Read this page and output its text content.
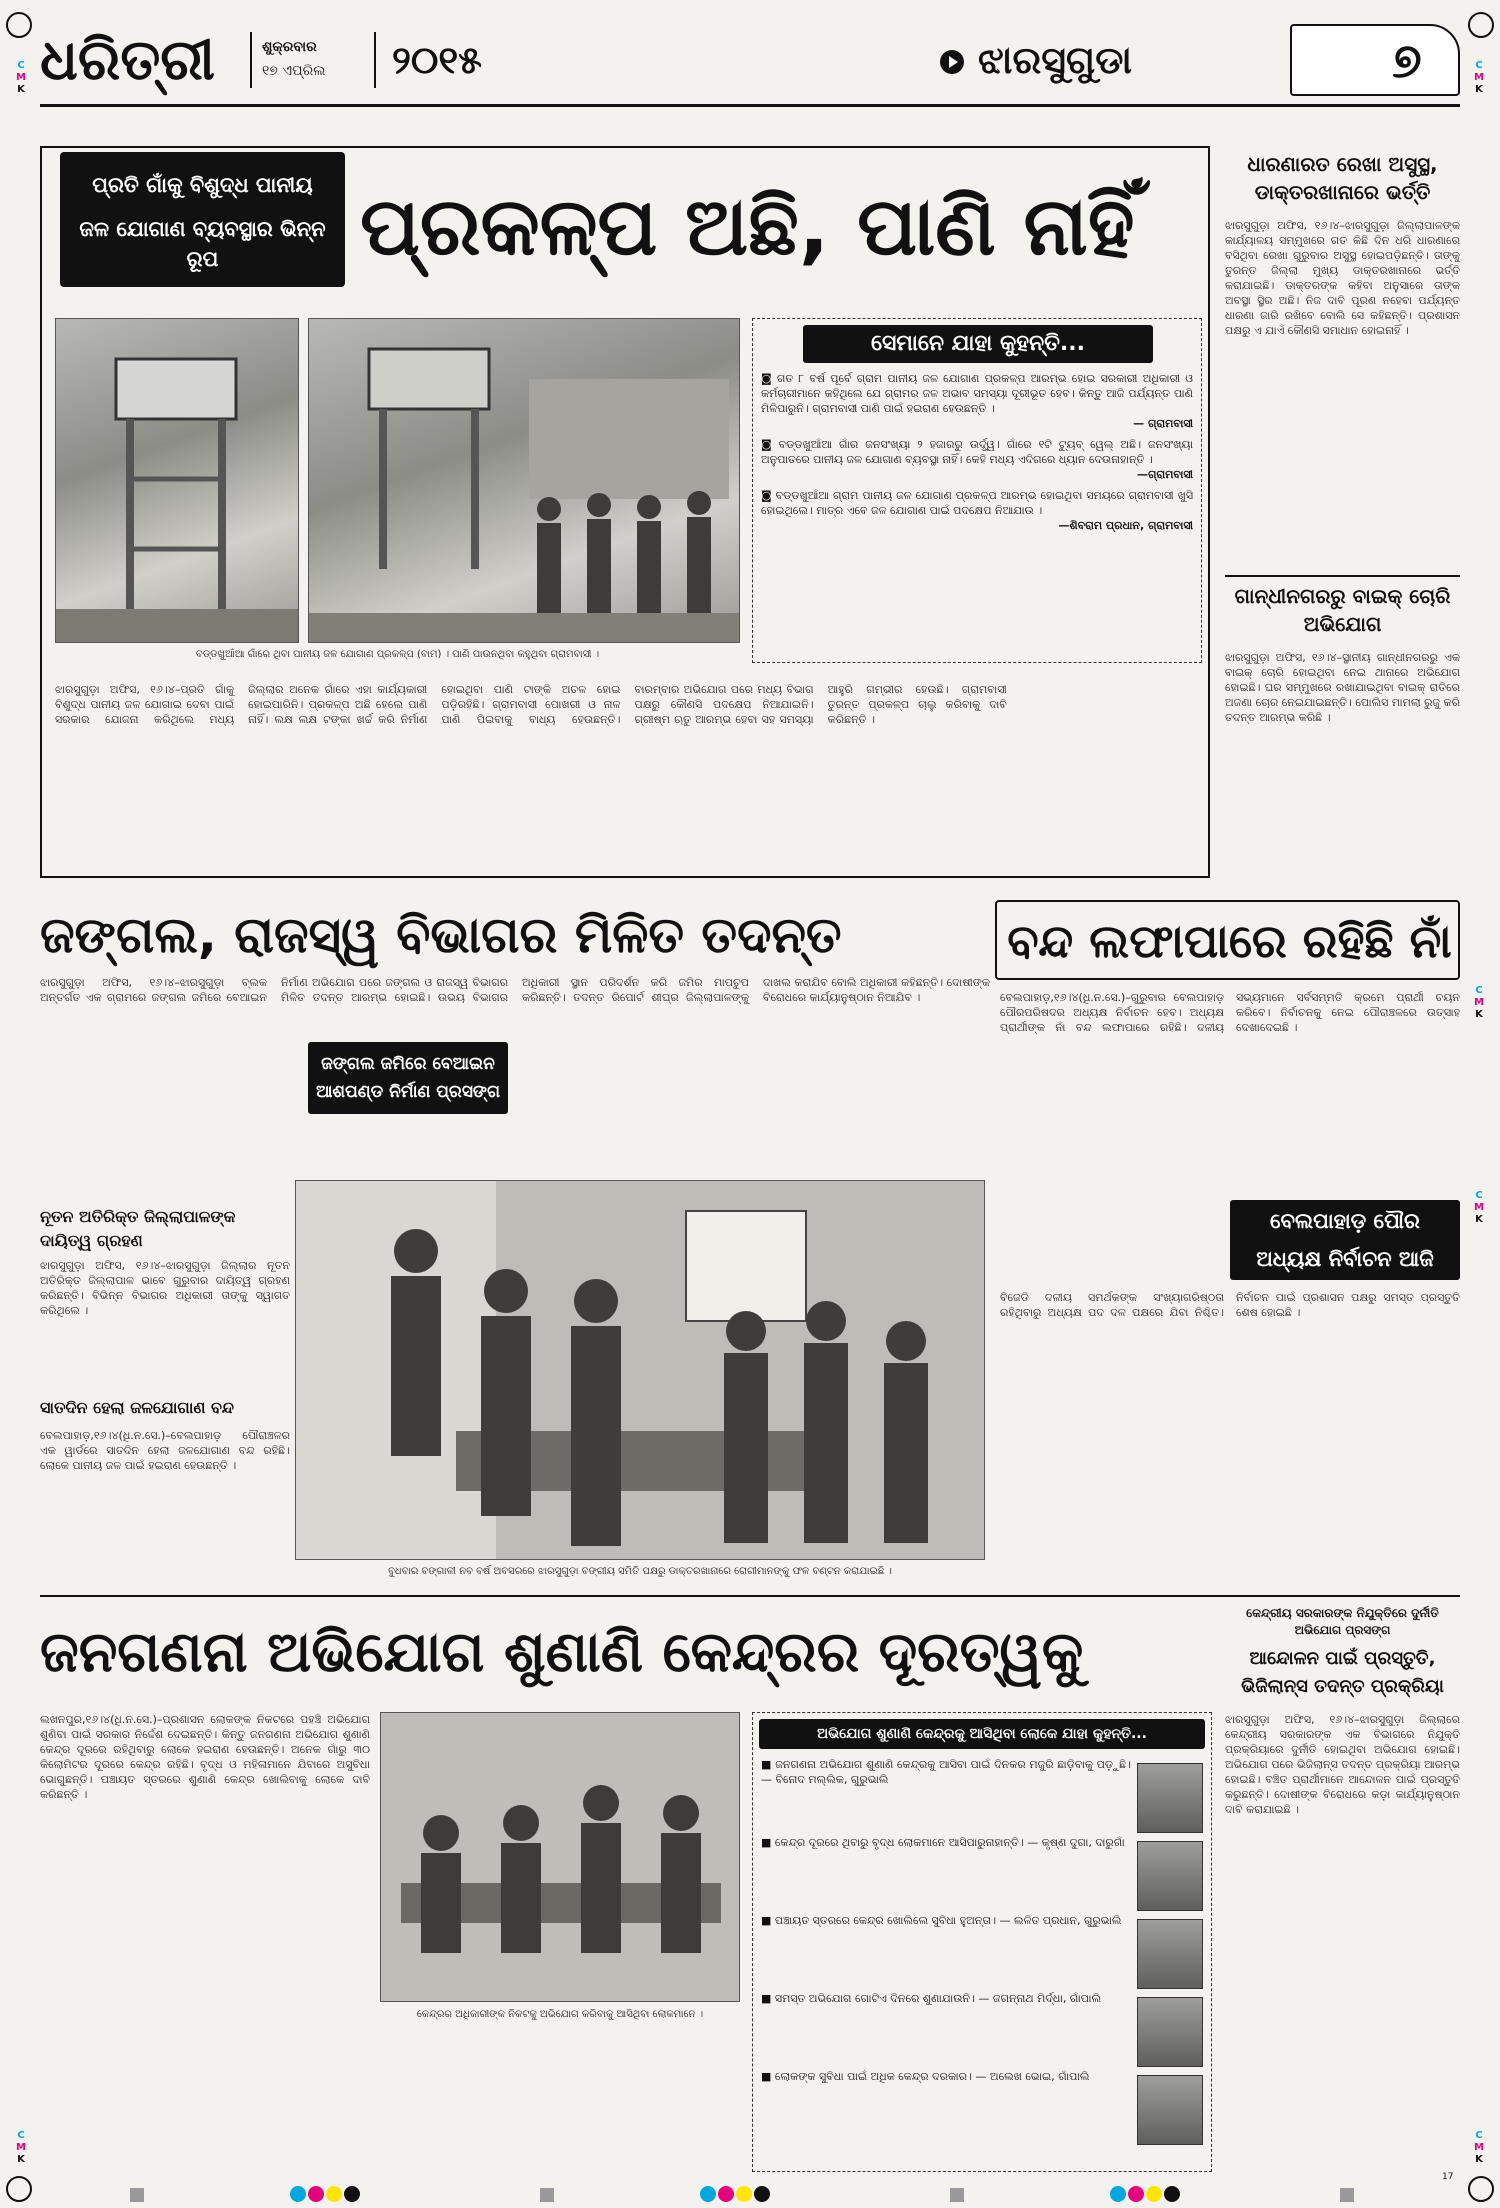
ଧରିତ୍ରୀ	ଶୁକ୍ରବାର
୧୭ ଏପ୍ରିଲ	୨୦୧୫	ଝାରସୁଗୁଡା	୭
ପ୍ରତି ଗାଁକୁ ବିଶୁଦ୍ଧ ପାନୀୟ
ଜଳ ଯୋଗାଣ ବ୍ୟବସ୍ଥାର ଭିନ୍ନ ରୂପ	ପ୍ରକଳ୍ପ ଅଛି, ପାଣି ନାହିଁ
ବଡ୍ଡଖୁଆଁଆ ଗାଁରେ ଥିବା ପାନୀୟ ଜଳ ଯୋଗାଣ ପ୍ରକଳ୍ପ (ବାମ) । ପାଣି ପାଉନଥିବା କହୁଥିବା ଗ୍ରାମବାସୀ ।
ସେମାନେ ଯାହା କୁହନ୍ତି...
◙ ଗତ ୮ ବର୍ଷ ପୂର୍ବେ ଗ୍ରାମ ପାନୀୟ ଜଳ ଯୋଗାଣ ପ୍ରକଳ୍ପ ଆରମ୍ଭ ହୋଇ ସରକାରୀ ଅଧିକାରୀ ଓ କର୍ମଚାରୀମାନେ କହିଥିଲେ ଯେ ଗ୍ରାମର ଜଳ ଅଭାବ ସମସ୍ୟା ଦୂରୀଭୂତ ହେବ। କିନ୍ତୁ ଆଜି ପର୍ଯ୍ୟନ୍ତ ପାଣି ମିଳିପାରୁନି। ଗ୍ରାମବାସୀ ପାଣି ପାଇଁ ହଇରାଣ ହେଉଛନ୍ତି ।
— ଗ୍ରାମବାସୀ
◙ ବଡ୍ଡଖୁଆଁଆ ଗାଁର ଜନସଂଖ୍ୟା ୨ ହଜାରରୁ ଉର୍ଦ୍ଧ୍ୱ। ଗାଁରେ ୧ଟି ଟ୍ୟୁବ୍ ୱେଲ୍ ଅଛି। ଜନସଂଖ୍ୟା ଅନୁପାତରେ ପାନୀୟ ଜଳ ଯୋଗାଣ ବ୍ୟବସ୍ଥା ନାହିଁ। କେହି ମଧ୍ୟ ଏଦିଗରେ ଧ୍ୟାନ ଦେଉନାହାନ୍ତି ।
—ଗ୍ରାମବାସୀ
◙ ବଡ୍ଡଖୁଆଁଆ ଗ୍ରାମ ପାନୀୟ ଜଳ ଯୋଗାଣ ପ୍ରକଳ୍ପ ଆରମ୍ଭ ହୋଇଥିବା ସମୟରେ ଗ୍ରାମବାସୀ ଖୁସି ହୋଇଥିଲେ। ମାତ୍ର ଏବେ ଜଳ ଯୋଗାଣ ପାଇଁ ପଦକ୍ଷେପ ନିଆଯାଉ ।
—ଶିବରାମ ପ୍ରଧାନ, ଗ୍ରାମବାସୀ
ଝାରସୁଗୁଡ଼ା ଅଫିସ, ୧୬।୪–ପ୍ରତି ଗାଁକୁ ବିଶୁଦ୍ଧ ପାନୀୟ ଜଳ ଯୋଗାଇ ଦେବା ପାଇଁ ସରକାର ଯୋଜନା କରିଥିଲେ ମଧ୍ୟ ଜିଲ୍ଲାର ଅନେକ ଗାଁରେ ଏହା କାର୍ଯ୍ୟକାରୀ ହୋଇପାରିନି। ପ୍ରକଳ୍ପ ଅଛି ହେଲେ ପାଣି ନାହିଁ। ଲକ୍ଷ ଲକ୍ଷ ଟଙ୍କା ଖର୍ଚ୍ଚ କରି ନିର୍ମାଣ ହୋଇଥିବା ପାଣି ଟାଙ୍କି ଅଚଳ ହୋଇ ପଡ଼ିରହିଛି। ଗ୍ରାମବାସୀ ପୋଖରୀ ଓ ନାଳ ପାଣି ପିଇବାକୁ ବାଧ୍ୟ ହେଉଛନ୍ତି। ବାରମ୍ବାର ଅଭିଯୋଗ ପରେ ମଧ୍ୟ ବିଭାଗ ପକ୍ଷରୁ କୌଣସି ପଦକ୍ଷେପ ନିଆଯାଇନି। ଗ୍ରୀଷ୍ମ ଋତୁ ଆରମ୍ଭ ହେବା ସହ ସମସ୍ୟା ଆହୁରି ଗମ୍ଭୀର ହେଉଛି। ଗ୍ରାମବାସୀ ତୁରନ୍ତ ପ୍ରକଳ୍ପ ଚାଲୁ କରିବାକୁ ଦାବି କରିଛନ୍ତି ।
ଧାରଣାରତ ରେଖା ଅସୁସ୍ଥ, ଡାକ୍ତରଖାନାରେ ଭର୍ତ୍ତି
ଝାରସୁଗୁଡ଼ା ଅଫିସ, ୧୬।୪–ଝାରସୁଗୁଡ଼ା ଜିଲ୍ଲାପାଳଙ୍କ କାର୍ଯ୍ୟାଳୟ ସମ୍ମୁଖରେ ଗତ କିଛି ଦିନ ଧରି ଧାରଣାରେ ବସିଥିବା ରେଖା ଗୁରୁବାର ଅସୁସ୍ଥ ହୋଇପଡ଼ିଛନ୍ତି। ତାଙ୍କୁ ତୁରନ୍ତ ଜିଲ୍ଲା ମୁଖ୍ୟ ଡାକ୍ତରଖାନାରେ ଭର୍ତ୍ତି କରାଯାଇଛି। ଡାକ୍ତରଙ୍କ କହିବା ଅନୁସାରେ ତାଙ୍କ ଅବସ୍ଥା ସ୍ଥିର ଅଛି। ନିଜ ଦାବି ପୂରଣ ନହେବା ପର୍ଯ୍ୟନ୍ତ ଧାରଣା ଜାରି ରଖିବେ ବୋଲି ସେ କହିଛନ୍ତି। ପ୍ରଶାସନ ପକ୍ଷରୁ ଏ ଯାଏଁ କୌଣସି ସମାଧାନ ହୋଇନାହିଁ ।
ଗାନ୍ଧୀନଗରରୁ ବାଇକ୍ ଚୋରି ଅଭିଯୋଗ
ଝାରସୁଗୁଡ଼ା ଅଫିସ, ୧୬।୪–ସ୍ଥାନୀୟ ଗାନ୍ଧୀନଗରରୁ ଏକ ବାଇକ୍ ଚୋରି ହୋଇଥିବା ନେଇ ଥାନାରେ ଅଭିଯୋଗ ହୋଇଛି। ଘର ସମ୍ମୁଖରେ ରଖାଯାଇଥିବା ବାଇକ୍ ରାତିରେ ଅଜଣା ଚୋର ନେଇଯାଇଛନ୍ତି। ପୋଲିସ ମାମଲା ରୁଜୁ କରି ତଦନ୍ତ ଆରମ୍ଭ କରିଛି ।
ଜଙ୍ଗଲ, ରାଜସ୍ୱ ବିଭାଗର ମିଳିତ ତଦନ୍ତ
ଝାରସୁଗୁଡ଼ା ଅଫିସ, ୧୬।୪–ଝାରସୁଗୁଡ଼ା ବ୍ଲକ ଅନ୍ତର୍ଗତ ଏକ ଗ୍ରାମରେ ଜଙ୍ଗଲ ଜମିରେ ବେଆଇନ ନିର୍ମାଣ ଅଭିଯୋଗ ପରେ ଜଙ୍ଗଲ ଓ ରାଜସ୍ୱ ବିଭାଗର ମିଳିତ ତଦନ୍ତ ଆରମ୍ଭ ହୋଇଛି। ଉଭୟ ବିଭାଗର ଅଧିକାରୀ ସ୍ଥାନ ପରିଦର୍ଶନ କରି ଜମିର ମାପଚୁପ କରିଛନ୍ତି। ତଦନ୍ତ ରିପୋର୍ଟ ଶୀଘ୍ର ଜିଲ୍ଲାପାଳଙ୍କୁ ଦାଖଲ କରାଯିବ ବୋଲି ଅଧିକାରୀ କହିଛନ୍ତି। ଦୋଷୀଙ୍କ ବିରୋଧରେ କାର୍ଯ୍ୟାନୁଷ୍ଠାନ ନିଆଯିବ ।
ଜଙ୍ଗଲ ଜମିରେ ବେଆଇନ
ଆଶପଣ୍ଡ ନିର୍ମାଣ ପ୍ରସଙ୍ଗ
ନୂତନ ଅତିରିକ୍ତ ଜିଲ୍ଲାପାଳଙ୍କ ଦାୟିତ୍ୱ ଗ୍ରହଣ
ଝାରସୁଗୁଡ଼ା ଅଫିସ, ୧୬।୪–ଝାରସୁଗୁଡ଼ା ଜିଲ୍ଲାର ନୂତନ ଅତିରିକ୍ତ ଜିଲ୍ଲାପାଳ ଭାବେ ଗୁରୁବାର ଦାୟିତ୍ୱ ଗ୍ରହଣ କରିଛନ୍ତି। ବିଭିନ୍ନ ବିଭାଗର ଅଧିକାରୀ ତାଙ୍କୁ ସ୍ୱାଗତ କରିଥିଲେ ।
ସାତଦିନ ହେଲା ଜଳଯୋଗାଣ ବନ୍ଦ
ବେଲପାହାଡ଼,୧୬।୪(ଧି.ନ.ସେ.)–ବେଲପାହାଡ଼ ପୌରାଞ୍ଚଳର ଏକ ୱାର୍ଡରେ ସାତଦିନ ହେଲା ଜଳଯୋଗାଣ ବନ୍ଦ ରହିଛି। ଲୋକେ ପାନୀୟ ଜଳ ପାଇଁ ହଇରାଣ ହେଉଛନ୍ତି ।
ବୁଧବାର ବଙ୍ଗାଳୀ ନବ ବର୍ଷ ଅବସରରେ ଝାରସୁଗୁଡ଼ା ବଙ୍ଗୀୟ ସମିତି ପକ୍ଷରୁ ଡାକ୍ତରଖାନାରେ ରୋଗୀମାନଙ୍କୁ ଫଳ ବଣ୍ଟନ କରାଯାଇଛି ।
ବନ୍ଦ ଲଫାପାରେ ରହିଛି ନାଁ
ବେଲପାହାଡ଼,୧୬।୪(ଧି.ନ.ସେ.)–ଗୁରୁବାର ବେଲପାହାଡ଼ ପୌରପରିଷଦର ଅଧ୍ୟକ୍ଷ ନିର୍ବାଚନ ହେବ। ଅଧ୍ୟକ୍ଷ ପ୍ରାର୍ଥୀଙ୍କ ନାଁ ବନ୍ଦ ଲଫାପାରେ ରହିଛି। ଦଳୀୟ ସଭ୍ୟମାନେ ସର୍ବସମ୍ମତି କ୍ରମେ ପ୍ରାର୍ଥୀ ଚୟନ କରିବେ। ନିର୍ବାଚନକୁ ନେଇ ପୌରାଞ୍ଚଳରେ ଉତ୍ସାହ ଦେଖାଦେଇଛି ।
ବେଲପାହାଡ଼ ପୌର ଅଧ୍ୟକ୍ଷ ନିର୍ବାଚନ ଆଜି
ବିଜେଡି ଦଳୀୟ ସମର୍ଥକଙ୍କ ସଂଖ୍ୟାଗରିଷ୍ଠତା ରହିଥିବାରୁ ଅଧ୍ୟକ୍ଷ ପଦ ଦଳ ପକ୍ଷରେ ଯିବା ନିଶ୍ଚିତ। ନିର୍ବାଚନ ପାଇଁ ପ୍ରଶାସନ ପକ୍ଷରୁ ସମସ୍ତ ପ୍ରସ୍ତୁତି ଶେଷ ହୋଇଛି ।
ଜନଗଣନା ଅଭିଯୋଗ ଶୁଣାଣି କେନ୍ଦ୍ରର ଦୂରତ୍ୱକୁ
ଲଖନପୁର,୧୬।୪(ଧି.ନ.ସେ.)–ପ୍ରଶାସନ ଲୋକଙ୍କ ନିକଟରେ ପହଞ୍ଚି ଅଭିଯୋଗ ଶୁଣିବା ପାଇଁ ସରକାର ନିର୍ଦ୍ଦେଶ ଦେଇଛନ୍ତି। କିନ୍ତୁ ଜନଗଣନା ଅଭିଯୋଗ ଶୁଣାଣି କେନ୍ଦ୍ର ଦୂରରେ ରହିଥିବାରୁ ଲୋକେ ହଇରାଣ ହେଉଛନ୍ତି। ଅନେକ ଗାଁରୁ ୩୦ କିଲୋମିଟର ଦୂରରେ କେନ୍ଦ୍ର ରହିଛି। ବୃଦ୍ଧ ଓ ମହିଳାମାନେ ଯିବାରେ ଅସୁବିଧା ଭୋଗୁଛନ୍ତି। ପଞ୍ଚାୟତ ସ୍ତରରେ ଶୁଣାଣି କେନ୍ଦ୍ର ଖୋଲିବାକୁ ଲୋକେ ଦାବି କରିଛନ୍ତି ।
କେନ୍ଦ୍ରର ଅଧିକାରୀଙ୍କ ନିକଟକୁ ଅଭିଯୋଗ କରିବାକୁ ଆସିଥିବା ଲୋକମାନେ ।
ଅଭିଯୋଗ ଶୁଣାଣି କେନ୍ଦ୍ରକୁ ଆସିଥିବା ଲୋକେ ଯାହା କୁହନ୍ତି...
■ ଜନଗଣନା ଅଭିଯୋଗ ଶୁଣାଣି କେନ୍ଦ୍ରକୁ ଆସିବା ପାଇଁ ଦିନକର ମଜୁରି ଛାଡ଼ିବାକୁ ପଡ଼ୁଛି। — ବିନୋଦ ମଲ୍ଲିକ, ଗୁରୁଭାଲି
■ କେନ୍ଦ୍ର ଦୂରରେ ଥିବାରୁ ବୃଦ୍ଧ ଲୋକମାନେ ଆସିପାରୁନାହାନ୍ତି। — କୃଷ୍ଣ ଦୁଗା, ଦାରୁଗାଁ
■ ପଞ୍ଚାୟତ ସ୍ତରରେ କେନ୍ଦ୍ର ଖୋଲିଲେ ସୁବିଧା ହୁଅନ୍ତା। — ଲଳିତ ପ୍ରଧାନ, ଗୁରୁଭାଲି
■ ସମସ୍ତ ଅଭିଯୋଗ ଗୋଟିଏ ଦିନରେ ଶୁଣାଯାଉନି। — ଜଗନ୍ନାଥ ମିର୍ଦ୍ଧା, ଗାଁପାଲି
■ ଲୋକଙ୍କ ସୁବିଧା ପାଇଁ ଅଧିକ କେନ୍ଦ୍ର ଦରକାର। — ଅଲେଖ ଭୋଇ, ଗାଁପାଲି
କେନ୍ଦ୍ରୀୟ ସରକାରଙ୍କ ନିଯୁକ୍ତିରେ ଦୁର୍ନୀତି ଅଭିଯୋଗ ପ୍ରସଙ୍ଗ
ଆନ୍ଦୋଳନ ପାଇଁ ପ୍ରସ୍ତୁତି, ଭିଜିଲାନ୍ସ ତଦନ୍ତ ପ୍ରକ୍ରିୟା
ଝାରସୁଗୁଡ଼ା ଅଫିସ, ୧୬।୪–ଝାରସୁଗୁଡ଼ା ଜିଲ୍ଲାରେ କେନ୍ଦ୍ରୀୟ ସରକାରଙ୍କ ଏକ ବିଭାଗରେ ନିଯୁକ୍ତି ପ୍ରକ୍ରିୟାରେ ଦୁର୍ନୀତି ହୋଇଥିବା ଅଭିଯୋଗ ହୋଇଛି। ଅଭିଯୋଗ ପରେ ଭିଜିଲାନ୍ସ ତଦନ୍ତ ପ୍ରକ୍ରିୟା ଆରମ୍ଭ ହୋଇଛି। ବଞ୍ଚିତ ପ୍ରାର୍ଥୀମାନେ ଆନ୍ଦୋଳନ ପାଇଁ ପ୍ରସ୍ତୁତି କରୁଛନ୍ତି। ଦୋଷୀଙ୍କ ବିରୋଧରେ କଡ଼ା କାର୍ଯ୍ୟାନୁଷ୍ଠାନ ଦାବି କରାଯାଇଛି ।
C
M
K
C
M
K
C
M
K
C
M
K
C
M
K
C
M
K
17
